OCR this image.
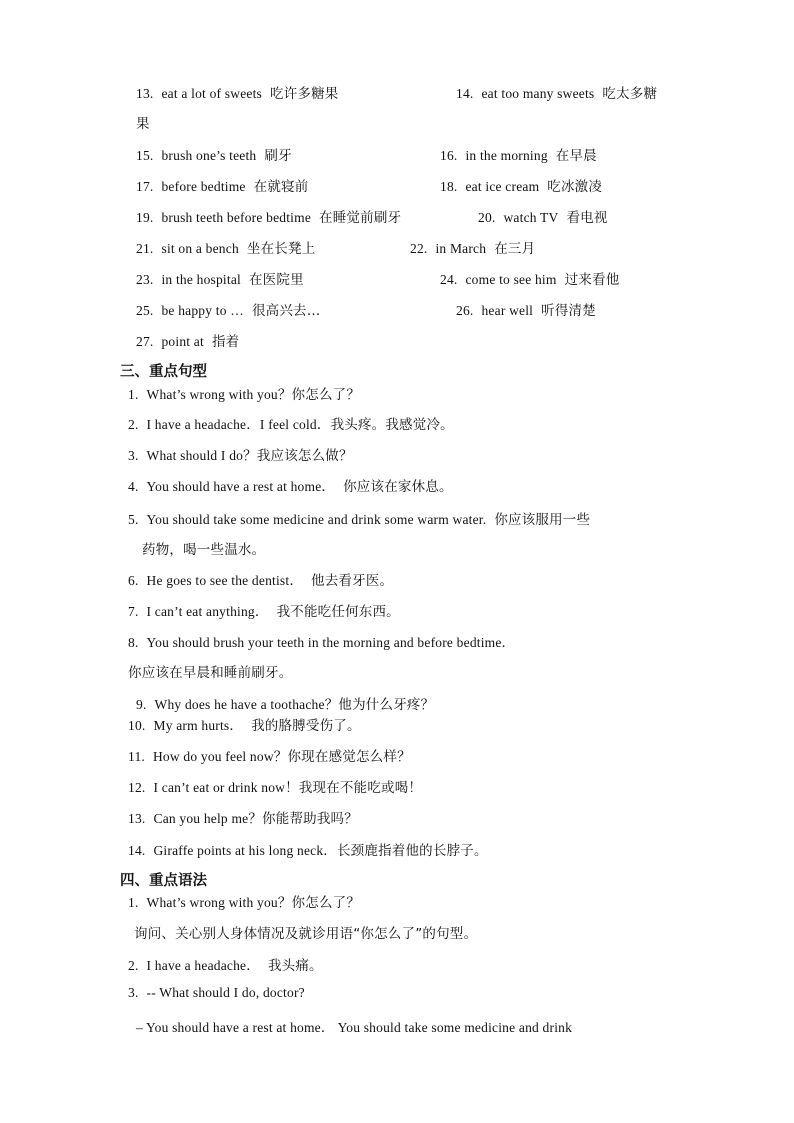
13. eat a lot of sweets 吃许多糖果	14. eat too many sweets 吃太多糖
果
15. brush one’s teeth 刷牙	16. in the morning 在早晨
17. before bedtime 在就寝前	18. eat ice cream 吃冰激凌
19. brush teeth before bedtime 在睡觉前刷牙	20. watch TV 看电视
21. sit on a bench 坐在长凳上	22. in March 在三月
23. in the hospital 在医院里	24. come to see him 过来看他
25. be happy to … 很高兴去…	26. hear well 听得清楚
27. point at 指着
三、重点句型
1. What’s wrong with you？你怎么了？
2. I have a headache．I feel cold．我头疼。我感觉冷。
3. What should I do？我应该怎么做？
4. You should have a rest at home． 你应该在家休息。
5. You should take some medicine and drink some warm water. 你应该服用一些
药物，喝一些温水。
6. He goes to see the dentist． 他去看牙医。
7. I can’t eat anything． 我不能吃任何东西。
8. You should brush your teeth in the morning and before bedtime．
你应该在早晨和睡前刷牙。
9. Why does he have a toothache？他为什么牙疼？
10. My arm hurts． 我的胳膊受伤了。
11. How do you feel now？你现在感觉怎么样？
12. I can’t eat or drink now！我现在不能吃或喝！
13. Can you help me？你能帮助我吗？
14. Giraffe points at his long neck．长颈鹿指着他的长脖子。
四、重点语法
1. What’s wrong with you？你怎么了？
询问、关心别人身体情况及就诊用语“你怎么了”的句型。
2. I have a headache． 我头痛。
3. -- What should I do, doctor?
– You should have a rest at home． You should take some medicine and drink
